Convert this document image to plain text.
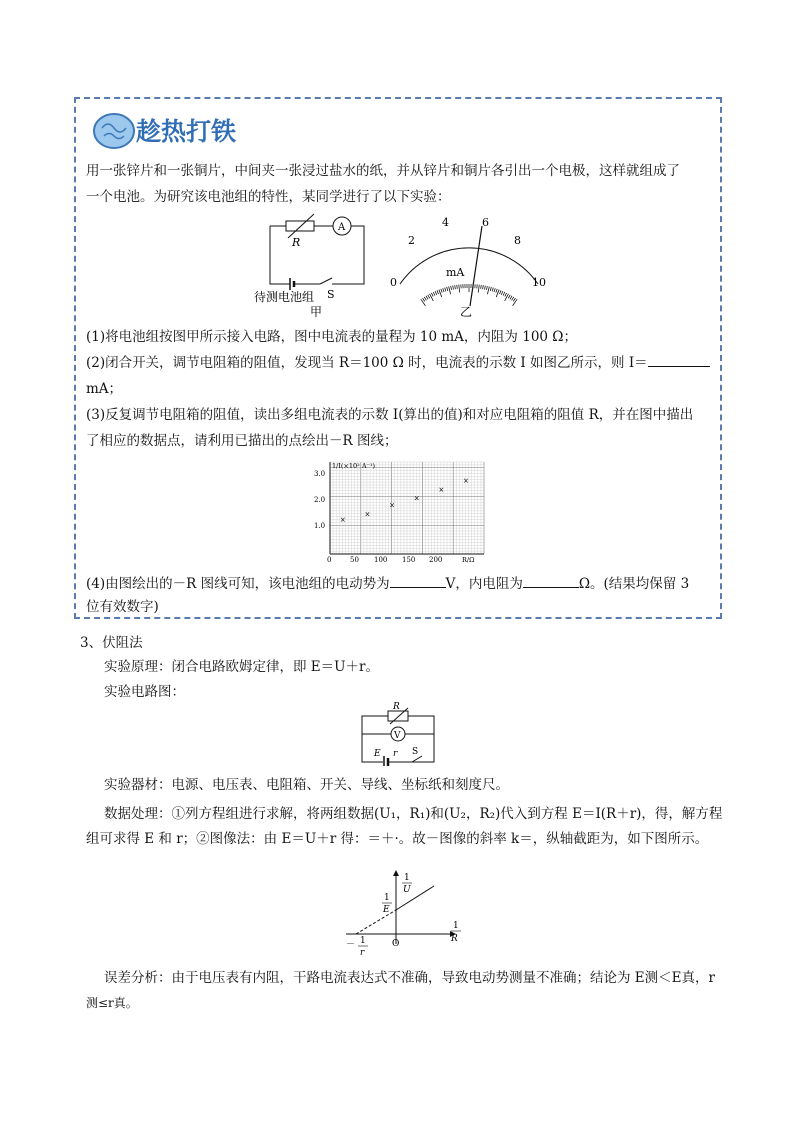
趁热打铁

用一张锌片和一张铜片，中间夹一张浸过盐水的纸，并从锌片和铜片各引出一个电极，这样就组成了

一个电池。为研究该电池组的特性，某同学进行了以下实验：

R
A
待测电池组 S
甲
0
2
4	6
8
10
mA
乙

(1)将电池组按图甲所示接入电路，图中电流表的量程为 10 mA，内阻为 100 Ω；

(2)闭合开关，调节电阻箱的阻值，发现当 R＝100 Ω 时，电流表的示数 I 如图乙所示，则 I＝

mA；

(3)反复调节电阻箱的阻值，读出多组电流表的示数 I(算出的值)和对应电阻箱的阻值 R，并在图中描出

了相应的数据点，请利用已描出的点绘出－R 图线；

×
×
×
×
×
×
1/I(×10² A⁻¹)
R/Ω
1.0
2.0
3.0
0	50 100 150 200

(4)由图绘出的－R 图线可知，该电池组的电动势为	V，内电阻为	Ω。(结果均保留 3

位有效数字)

3、伏阻法

实验原理：闭合电路欧姆定律，即 E＝U＋r。

实验电路图：

R
V
E r S

实验器材：电源、电压表、电阻箱、开关、导线、坐标纸和刻度尺。

数据处理：①列方程组进行求解，将两组数据(U₁，R₁)和(U₂，R₂)代入到方程 E＝I(R＋r)，得，解方程

组可求得 E 和 r；②图像法：由 E＝U＋r 得：＝＋·。故－图像的斜率 k＝，纵轴截距为，如下图所示。

1
U
1
E
1
R
－ 1
r
O

误差分析：由于电压表有内阻，干路电流表达式不准确，导致电动势测量不准确；结论为 E测＜E真，r

测≤r真。
